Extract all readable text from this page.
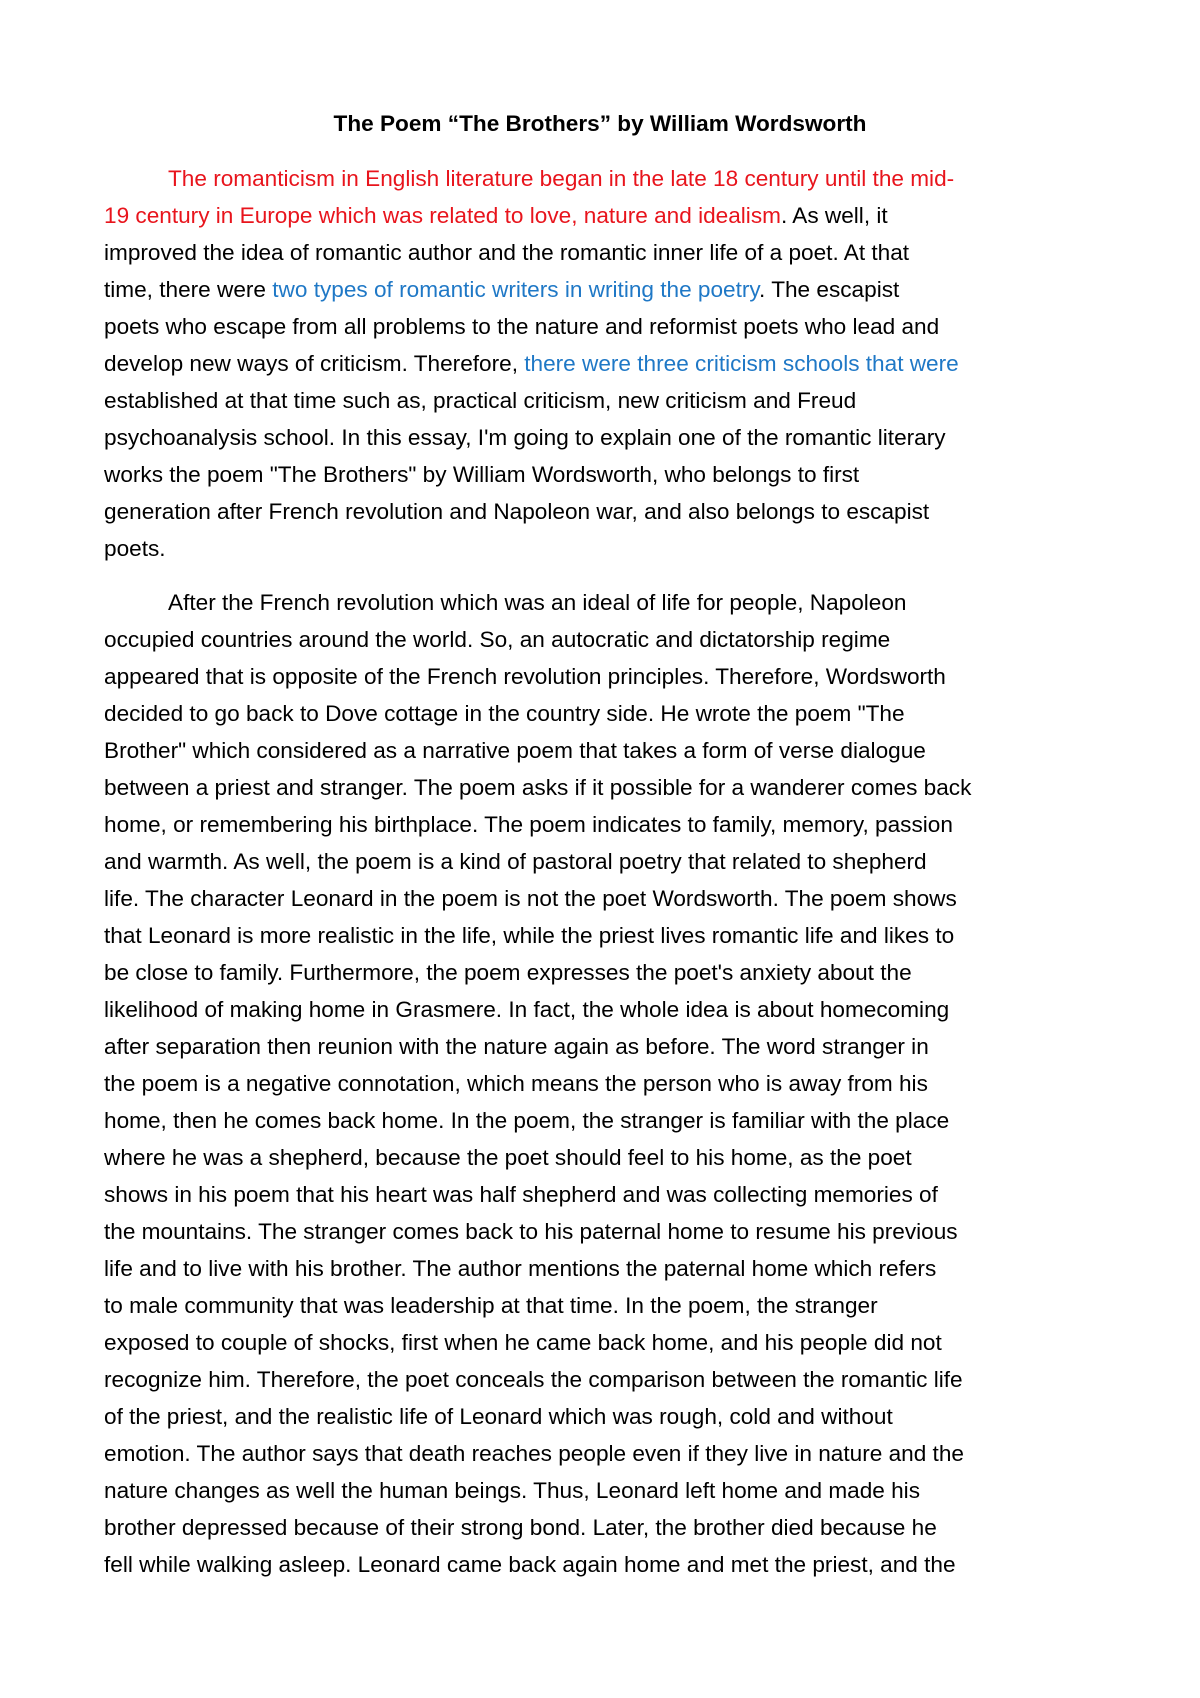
The Poem “The Brothers” by William Wordsworth
The romanticism in English literature began in the late 18 century until the mid-
19 century in Europe which was related to love, nature and idealism. As well, it
improved the idea of romantic author and the romantic inner life of a poet. At that
time, there were two types of romantic writers in writing the poetry. The escapist
poets who escape from all problems to the nature and reformist poets who lead and
develop new ways of criticism. Therefore, there were three criticism schools that were
established at that time such as, practical criticism, new criticism and Freud
psychoanalysis school. In this essay, I'm going to explain one of the romantic literary
works the poem "The Brothers" by William Wordsworth, who belongs to first
generation after French revolution and Napoleon war, and also belongs to escapist
poets.
After the French revolution which was an ideal of life for people, Napoleon
occupied countries around the world. So, an autocratic and dictatorship regime
appeared that is opposite of the French revolution principles. Therefore, Wordsworth
decided to go back to Dove cottage in the country side. He wrote the poem "The
Brother" which considered as a narrative poem that takes a form of verse dialogue
between a priest and stranger. The poem asks if it possible for a wanderer comes back
home, or remembering his birthplace. The poem indicates to family, memory, passion
and warmth. As well, the poem is a kind of pastoral poetry that related to shepherd
life. The character Leonard in the poem is not the poet Wordsworth. The poem shows
that Leonard is more realistic in the life, while the priest lives romantic life and likes to
be close to family. Furthermore, the poem expresses the poet's anxiety about the
likelihood of making home in Grasmere. In fact, the whole idea is about homecoming
after separation then reunion with the nature again as before. The word stranger in
the poem is a negative connotation, which means the person who is away from his
home, then he comes back home. In the poem, the stranger is familiar with the place
where he was a shepherd, because the poet should feel to his home, as the poet
shows in his poem that his heart was half shepherd and was collecting memories of
the mountains. The stranger comes back to his paternal home to resume his previous
life and to live with his brother. The author mentions the paternal home which refers
to male community that was leadership at that time. In the poem, the stranger
exposed to couple of shocks, first when he came back home, and his people did not
recognize him. Therefore, the poet conceals the comparison between the romantic life
of the priest, and the realistic life of Leonard which was rough, cold and without
emotion. The author says that death reaches people even if they live in nature and the
nature changes as well the human beings. Thus, Leonard left home and made his
brother depressed because of their strong bond. Later, the brother died because he
fell while walking asleep. Leonard came back again home and met the priest, and the
